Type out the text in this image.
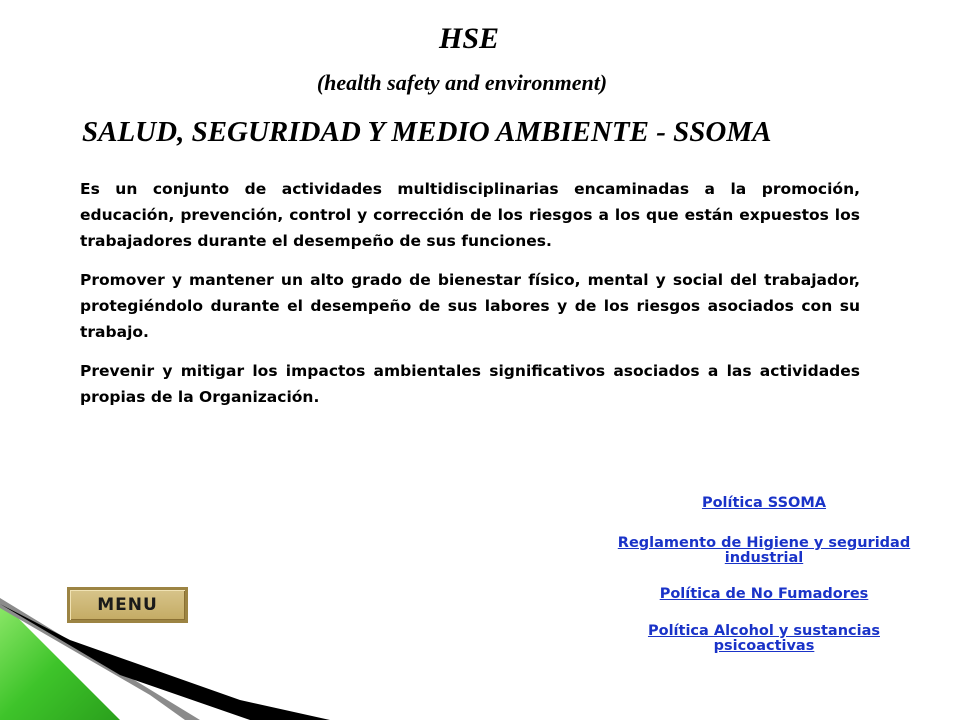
HSE
(health safety and environment)
SALUD, SEGURIDAD Y MEDIO AMBIENTE - SSOMA

Es un conjunto de actividades multidisciplinarias encaminadas a la promoción, educación, prevención, control y corrección de los riesgos a los que están expuestos los trabajadores durante el desempeño de sus funciones.

Promover y mantener un alto grado de bienestar físico, mental y social del trabajador, protegiéndolo durante el desempeño de sus labores y de los riesgos asociados con su trabajo.

Prevenir y mitigar los impactos ambientales significativos asociados a las actividades propias de la Organización.

Política SSOMA
Reglamento de Higiene y seguridad industrial
Política de No Fumadores
Política Alcohol y sustancias psicoactivas
MENU
